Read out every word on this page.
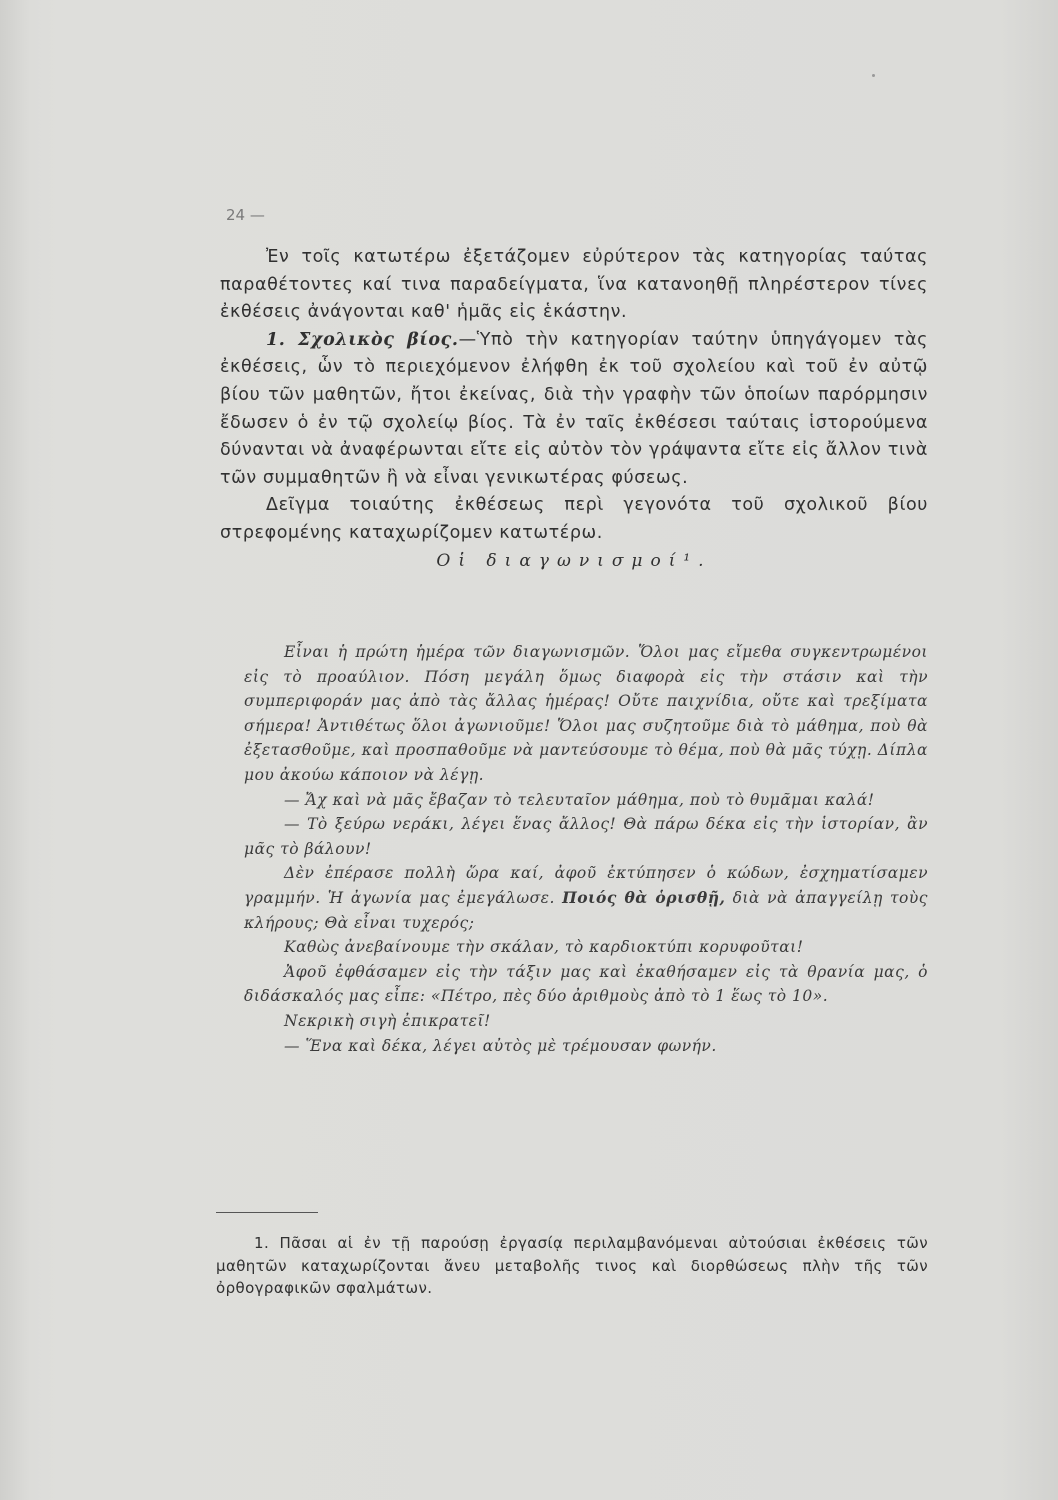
24 —

Ἐν τοῖς κατωτέρω ἐξετάζομεν εὐρύτερον τὰς κατηγορίας ταύτας παραθέτοντες καί τινα παραδείγματα, ἵνα κατανοηθῇ πληρέστερον τίνες ἐκθέσεις ἀνάγονται καθ' ἡμᾶς εἰς ἑκάστην.

1. Σχολικὸς βίος.—Ὑπὸ τὴν κατηγορίαν ταύτην ὑπηγάγομεν τὰς ἐκθέσεις, ὧν τὸ περιεχόμενον ἐλήφθη ἐκ τοῦ σχολείου καὶ τοῦ ἐν αὐτῷ βίου τῶν μαθητῶν, ἤτοι ἐκείνας, διὰ τὴν γραφὴν τῶν ὁποίων παρόρμησιν ἔδωσεν ὁ ἐν τῷ σχολείῳ βίος. Τὰ ἐν ταῖς ἐκθέσεσι ταύταις ἱστορούμενα δύνανται νὰ ἀναφέρωνται εἴτε εἰς αὐτὸν τὸν γράψαντα εἴτε εἰς ἄλλον τινὰ τῶν συμμαθητῶν ἢ νὰ εἶναι γενικωτέρας φύσεως.

Δεῖγμα τοιαύτης ἐκθέσεως περὶ γεγονότα τοῦ σχολικοῦ βίου στρεφομένης καταχωρίζομεν κατωτέρω.

Οἱ διαγωνισμοί¹.

Εἶναι ἡ πρώτη ἡμέρα τῶν διαγωνισμῶν. Ὅλοι μας εἴμεθα συγκεντρωμένοι εἰς τὸ προαύλιον. Πόση μεγάλη ὅμως διαφορὰ εἰς τὴν στάσιν καὶ τὴν συμπεριφοράν μας ἀπὸ τὰς ἄλλας ἡμέρας! Οὔτε παιχνίδια, οὔτε καὶ τρεξίματα σήμερα! Ἀντιθέτως ὅλοι ἀγωνιοῦμε! Ὅλοι μας συζητοῦμε διὰ τὸ μάθημα, ποὺ θὰ ἐξετασθοῦμε, καὶ προσπαθοῦμε νὰ μαντεύσουμε τὸ θέμα, ποὺ θὰ μᾶς τύχῃ. Δίπλα μου ἀκούω κάποιον νὰ λέγῃ.

— Ἄχ καὶ νὰ μᾶς ἔβαζαν τὸ τελευταῖον μάθημα, ποὺ τὸ θυμᾶμαι καλά!

— Τὸ ξεύρω νεράκι, λέγει ἕνας ἄλλος! Θὰ πάρω δέκα εἰς τὴν ἱστορίαν, ἂν μᾶς τὸ βάλουν!

Δὲν ἐπέρασε πολλὴ ὥρα καί, ἀφοῦ ἐκτύπησεν ὁ κώδων, ἐσχηματίσαμεν γραμμήν. Ἡ ἀγωνία μας ἐμεγάλωσε. Ποιός θὰ ὁρισθῇ, διὰ νὰ ἀπαγγείλῃ τοὺς κλήρους; Θὰ εἶναι τυχερός;

Καθὼς ἀνεβαίνουμε τὴν σκάλαν, τὸ καρδιοκτύπι κορυφοῦται!

Ἀφοῦ ἐφθάσαμεν εἰς τὴν τάξιν μας καὶ ἐκαθήσαμεν εἰς τὰ θρανία μας, ὁ διδάσκαλός μας εἶπε: «Πέτρο, πὲς δύο ἀριθμοὺς ἀπὸ τὸ 1 ἕως τὸ 10».

Νεκρικὴ σιγὴ ἐπικρατεῖ!

— Ἕνα καὶ δέκα, λέγει αὐτὸς μὲ τρέμουσαν φωνήν.

1. Πᾶσαι αἱ ἐν τῇ παρούσῃ ἐργασίᾳ περιλαμβανόμεναι αὐτούσιαι ἐκθέσεις τῶν μαθητῶν καταχωρίζονται ἄνευ μεταβολῆς τινος καὶ διορθώσεως πλὴν τῆς τῶν ὀρθογραφικῶν σφαλμάτων.
